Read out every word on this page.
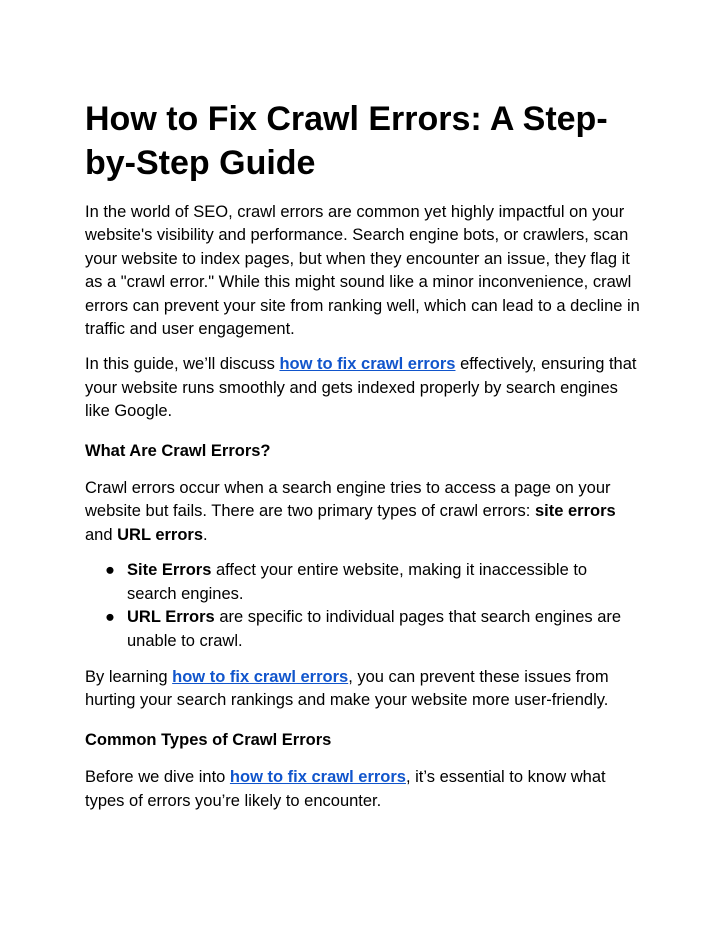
How to Fix Crawl Errors: A Step-by-Step Guide

In the world of SEO, crawl errors are common yet highly impactful on your website's visibility and performance. Search engine bots, or crawlers, scan your website to index pages, but when they encounter an issue, they flag it as a "crawl error." While this might sound like a minor inconvenience, crawl errors can prevent your site from ranking well, which can lead to a decline in traffic and user engagement.

In this guide, we’ll discuss how to fix crawl errors effectively, ensuring that your website runs smoothly and gets indexed properly by search engines like Google.

What Are Crawl Errors?

Crawl errors occur when a search engine tries to access a page on your website but fails. There are two primary types of crawl errors: site errors and URL errors.

● Site Errors affect your entire website, making it inaccessible to search engines.
● URL Errors are specific to individual pages that search engines are unable to crawl.

By learning how to fix crawl errors, you can prevent these issues from hurting your search rankings and make your website more user-friendly.

Common Types of Crawl Errors

Before we dive into how to fix crawl errors, it’s essential to know what types of errors you’re likely to encounter.
